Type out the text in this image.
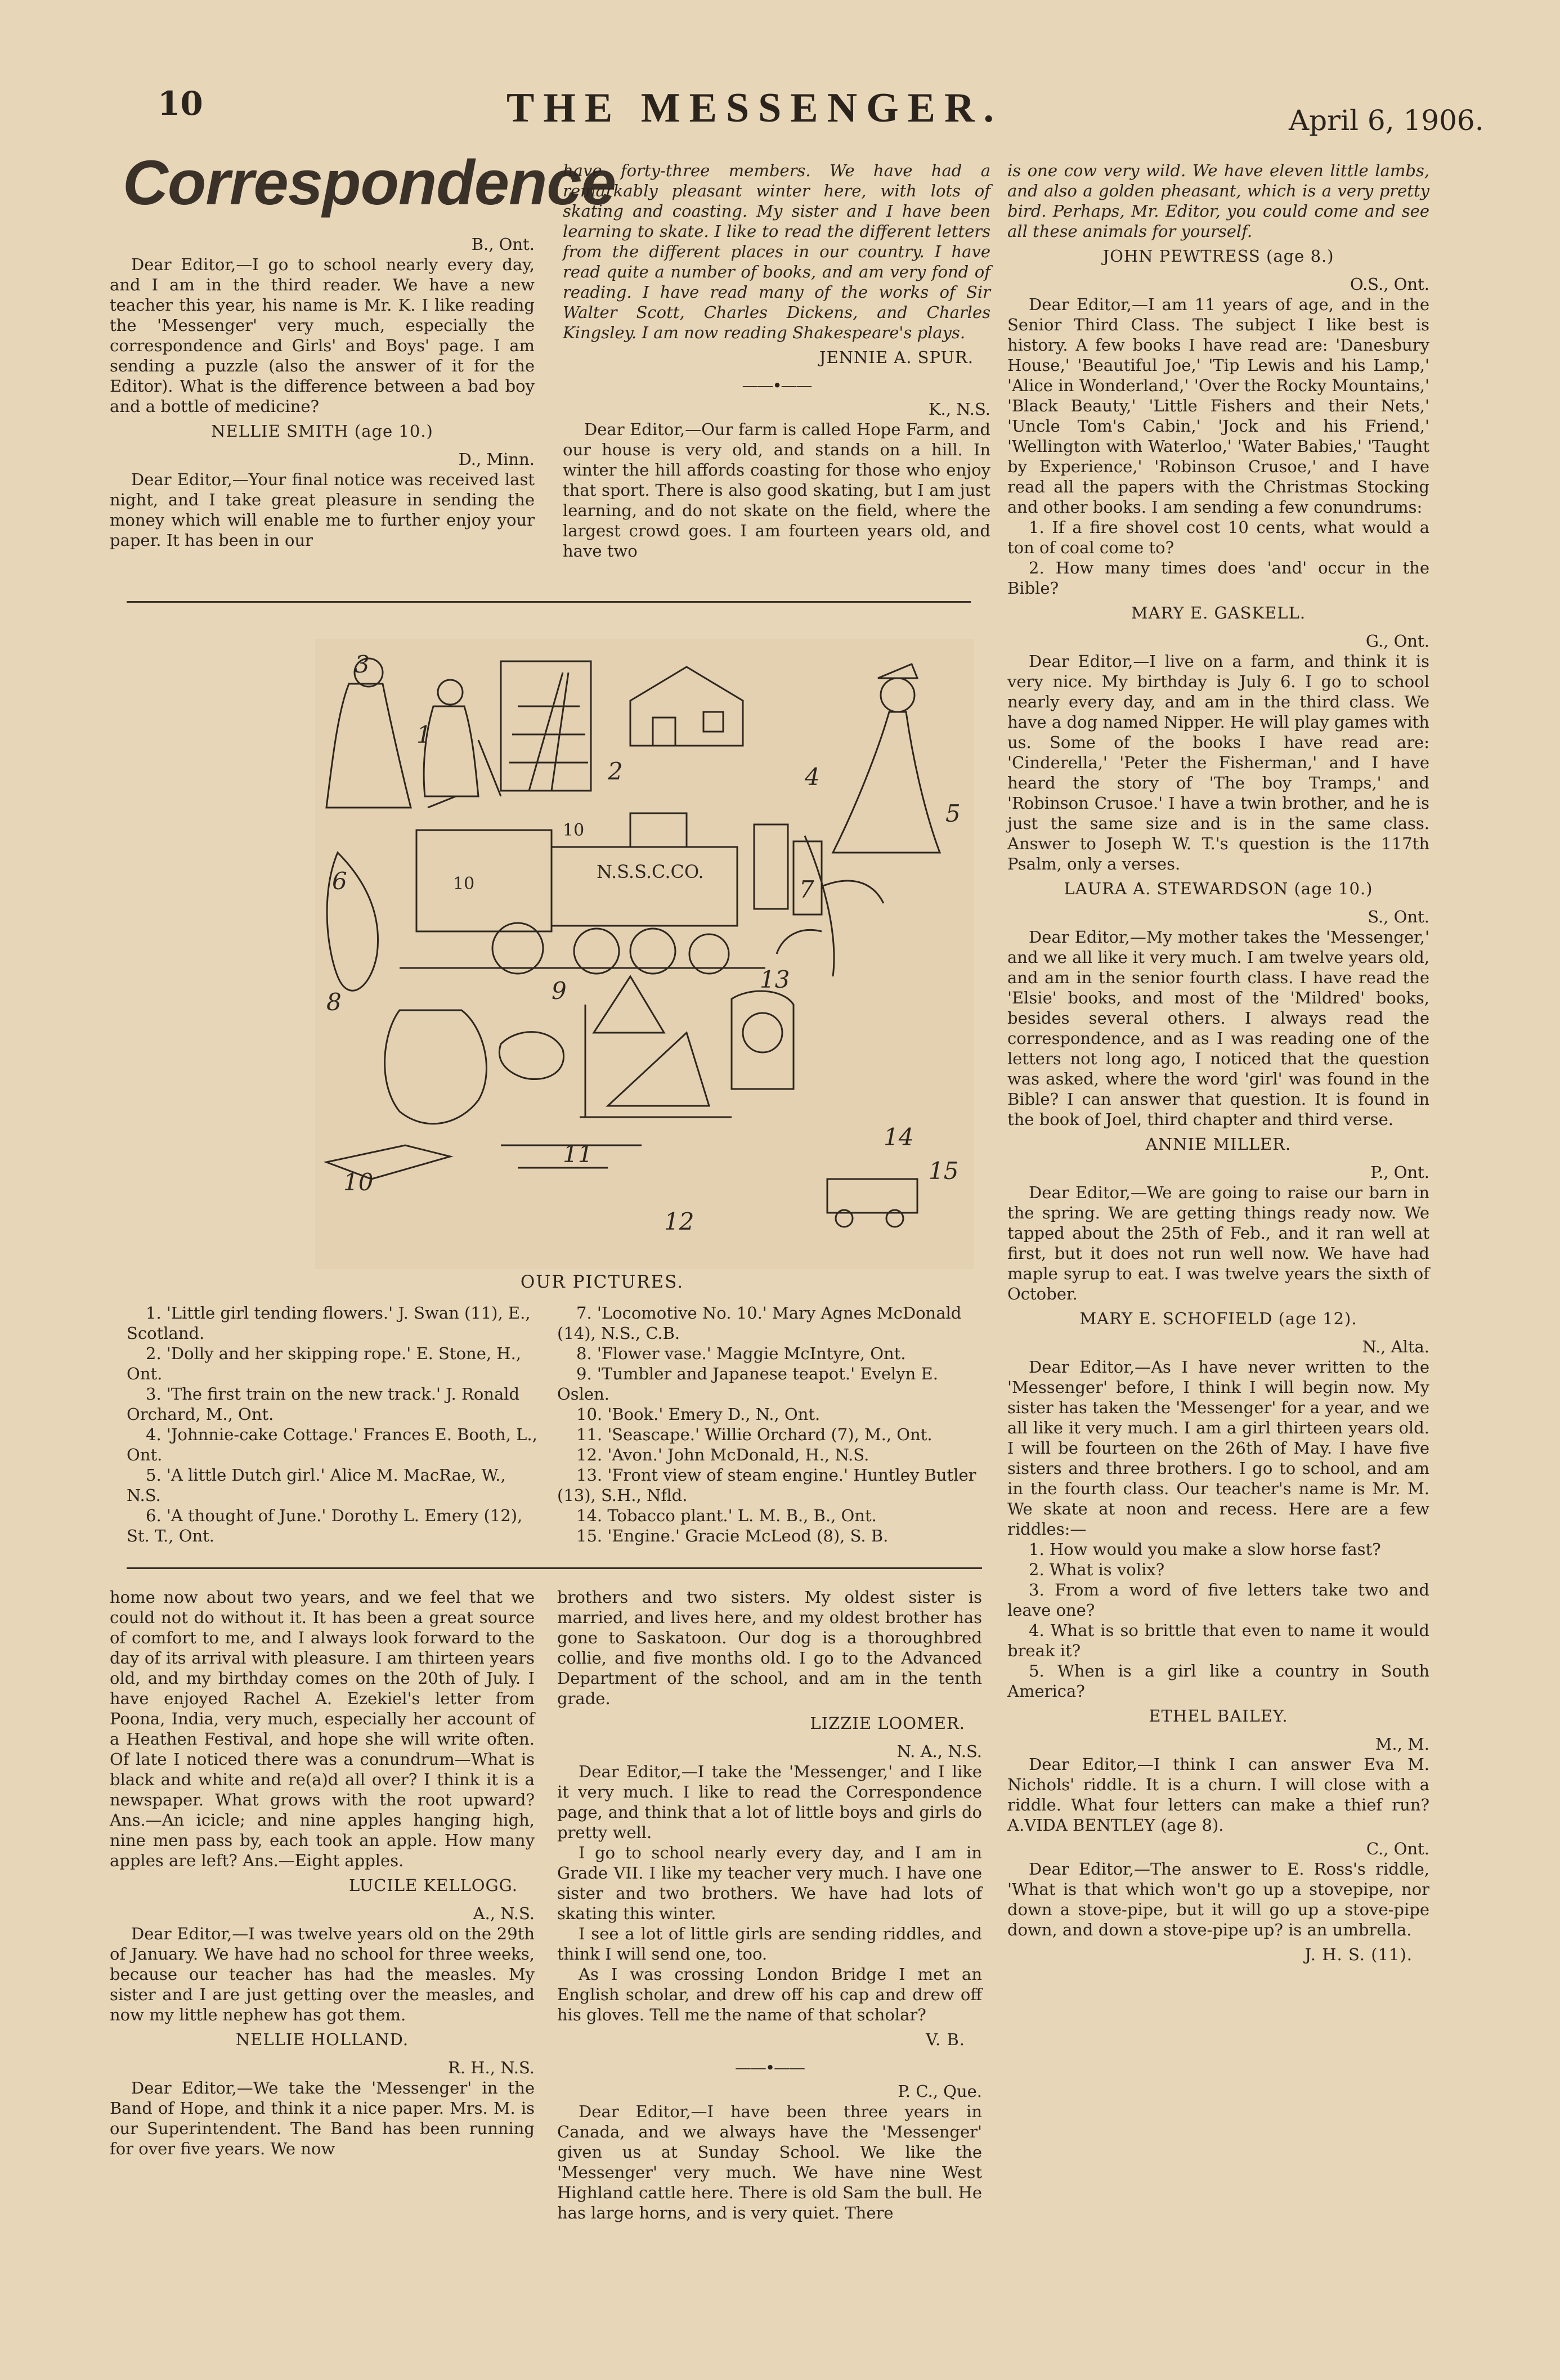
10	THE MESSENGER.	April 6, 1906.
Correspondence

B., Ont.

Dear Editor,—I go to school nearly every day, and I am in the third reader. We have a new teacher this year, his name is Mr. K. I like reading the 'Messenger' very much, especially the correspondence and Girls' and Boys' page. I am sending a puzzle (also the answer of it for the Editor). What is the difference between a bad boy and a bottle of medicine?

NELLIE SMITH (age 10.)

D., Minn.

Dear Editor,—Your final notice was received last night, and I take great pleasure in sending the money which will enable me to further enjoy your paper. It has been in our

have forty-three members. We have had a remarkably pleasant winter here, with lots of skating and coasting. My sister and I have been learning to skate. I like to read the different letters from the different places in our country. I have read quite a number of books, and am very fond of reading. I have read many of the works of Sir Walter Scott, Charles Dickens, and Charles Kingsley. I am now reading Shakespeare's plays.

JENNIE A. SPUR.

——•——

K., N.S.

Dear Editor,—Our farm is called Hope Farm, and our house is very old, and stands on a hill. In winter the hill affords coasting for those who enjoy that sport. There is also good skating, but I am just learning, and do not skate on the field, where the largest crowd goes. I am fourteen years old, and have two

is one cow very wild. We have eleven little lambs, and also a golden pheasant, which is a very pretty bird. Perhaps, Mr. Editor, you could come and see all these animals for yourself.

JOHN PEWTRESS (age 8.)

O.S., Ont.

Dear Editor,—I am 11 years of age, and in the Senior Third Class. The subject I like best is history. A few books I have read are: 'Danesbury House,' 'Beautiful Joe,' 'Tip Lewis and his Lamp,' 'Alice in Wonderland,' 'Over the Rocky Mountains,' 'Black Beauty,' 'Little Fishers and their Nets,' 'Uncle Tom's Cabin,' 'Jock and his Friend,' 'Wellington with Waterloo,' 'Water Babies,' 'Taught by Experience,' 'Robinson Crusoe,' and I have read all the papers with the Christmas Stocking and other books. I am sending a few conundrums:

1. If a fire shovel cost 10 cents, what would a ton of coal come to?

2. How many times does 'and' occur in the Bible?

MARY E. GASKELL.

G., Ont.

Dear Editor,—I live on a farm, and think it is very nice. My birthday is July 6. I go to school nearly every day, and am in the third class. We have a dog named Nipper. He will play games with us. Some of the books I have read are: 'Cinderella,' 'Peter the Fisherman,' and I have heard the story of 'The boy Tramps,' and 'Robinson Crusoe.' I have a twin brother, and he is just the same size and is in the same class. Answer to Joseph W. T.'s question is the 117th Psalm, only a verses.

LAURA A. STEWARDSON (age 10.)

S., Ont.

Dear Editor,—My mother takes the 'Messenger,' and we all like it very much. I am twelve years old, and am in the senior fourth class. I have read the 'Elsie' books, and most of the 'Mildred' books, besides several others. I always read the correspondence, and as I was reading one of the letters not long ago, I noticed that the question was asked, where the word 'girl' was found in the Bible? I can answer that question. It is found in the book of Joel, third chapter and third verse.

ANNIE MILLER.

P., Ont.

Dear Editor,—We are going to raise our barn in the spring. We are getting things ready now. We tapped about the 25th of Feb., and it ran well at first, but it does not run well now. We have had maple syrup to eat. I was twelve years the sixth of October.

MARY E. SCHOFIELD (age 12).

N., Alta.

Dear Editor,—As I have never written to the 'Messenger' before, I think I will begin now. My sister has taken the 'Messenger' for a year, and we all like it very much. I am a girl thirteen years old. I will be fourteen on the 26th of May. I have five sisters and three brothers. I go to school, and am in the fourth class. Our teacher's name is Mr. M. We skate at noon and recess. Here are a few riddles:—

1. How would you make a slow horse fast?

2. What is volix?

3. From a word of five letters take two and leave one?

4. What is so brittle that even to name it would break it?

5. When is a girl like a country in South America?

ETHEL BAILEY.

M., M.

Dear Editor,—I think I can answer Eva M. Nichols' riddle. It is a churn. I will close with a riddle. What four letters can make a thief run? A.VIDA BENTLEY (age 8).

C., Ont.

Dear Editor,—The answer to E. Ross's riddle, 'What is that which won't go up a stovepipe, nor down a stove-pipe, but it will go up a stove-pipe down, and down a stove-pipe up? is an umbrella.

J. H. S. (11).

1
2
3
4
5
6	7
8	9
10
11
12
13
14
15
10
10
N.S.S.C.CO.
OUR PICTURES.

1. 'Little girl tending flowers.' J. Swan (11), E., Scotland.

2. 'Dolly and her skipping rope.' E. Stone, H., Ont.

3. 'The first train on the new track.' J. Ronald Orchard, M., Ont.

4. 'Johnnie-cake Cottage.' Frances E. Booth, L., Ont.

5. 'A little Dutch girl.' Alice M. MacRae, W., N.S.

6. 'A thought of June.' Dorothy L. Emery (12), St. T., Ont.

7. 'Locomotive No. 10.' Mary Agnes McDonald (14), N.S., C.B.

8. 'Flower vase.' Maggie McIntyre, Ont.

9. 'Tumbler and Japanese teapot.' Evelyn E. Oslen.

10. 'Book.' Emery D., N., Ont.

11. 'Seascape.' Willie Orchard (7), M., Ont.

12. 'Avon.' John McDonald, H., N.S.

13. 'Front view of steam engine.' Huntley Butler (13), S.H., Nfld.

14. Tobacco plant.' L. M. B., B., Ont.

15. 'Engine.' Gracie McLeod (8), S. B.

home now about two years, and we feel that we could not do without it. It has been a great source of comfort to me, and I always look forward to the day of its arrival with pleasure. I am thirteen years old, and my birthday comes on the 20th of July. I have enjoyed Rachel A. Ezekiel's letter from Poona, India, very much, especially her account of a Heathen Festival, and hope she will write often. Of late I noticed there was a conundrum—What is black and white and re(a)d all over? I think it is a newspaper. What grows with the root upward? Ans.—An icicle; and nine apples hanging high, nine men pass by, each took an apple. How many apples are left? Ans.—Eight apples.

LUCILE KELLOGG.

A., N.S.

Dear Editor,—I was twelve years old on the 29th of January. We have had no school for three weeks, because our teacher has had the measles. My sister and I are just getting over the measles, and now my little nephew has got them.

NELLIE HOLLAND.

R. H., N.S.

Dear Editor,—We take the 'Messenger' in the Band of Hope, and think it a nice paper. Mrs. M. is our Superintendent. The Band has been running for over five years. We now

brothers and two sisters. My oldest sister is married, and lives here, and my oldest brother has gone to Saskatoon. Our dog is a thoroughbred collie, and five months old. I go to the Advanced Department of the school, and am in the tenth grade.

LIZZIE LOOMER.

N. A., N.S.

Dear Editor,—I take the 'Messenger,' and I like it very much. I like to read the Correspondence page, and think that a lot of little boys and girls do pretty well.

I go to school nearly every day, and I am in Grade VII. I like my teacher very much. I have one sister and two brothers. We have had lots of skating this winter.

I see a lot of little girls are sending riddles, and think I will send one, too.

As I was crossing London Bridge I met an English scholar, and drew off his cap and drew off his gloves. Tell me the name of that scholar?

V. B.

——•——

P. C., Que.

Dear Editor,—I have been three years in Canada, and we always have the 'Messenger' given us at Sunday School. We like the 'Messenger' very much. We have nine West Highland cattle here. There is old Sam the bull. He has large horns, and is very quiet. There
